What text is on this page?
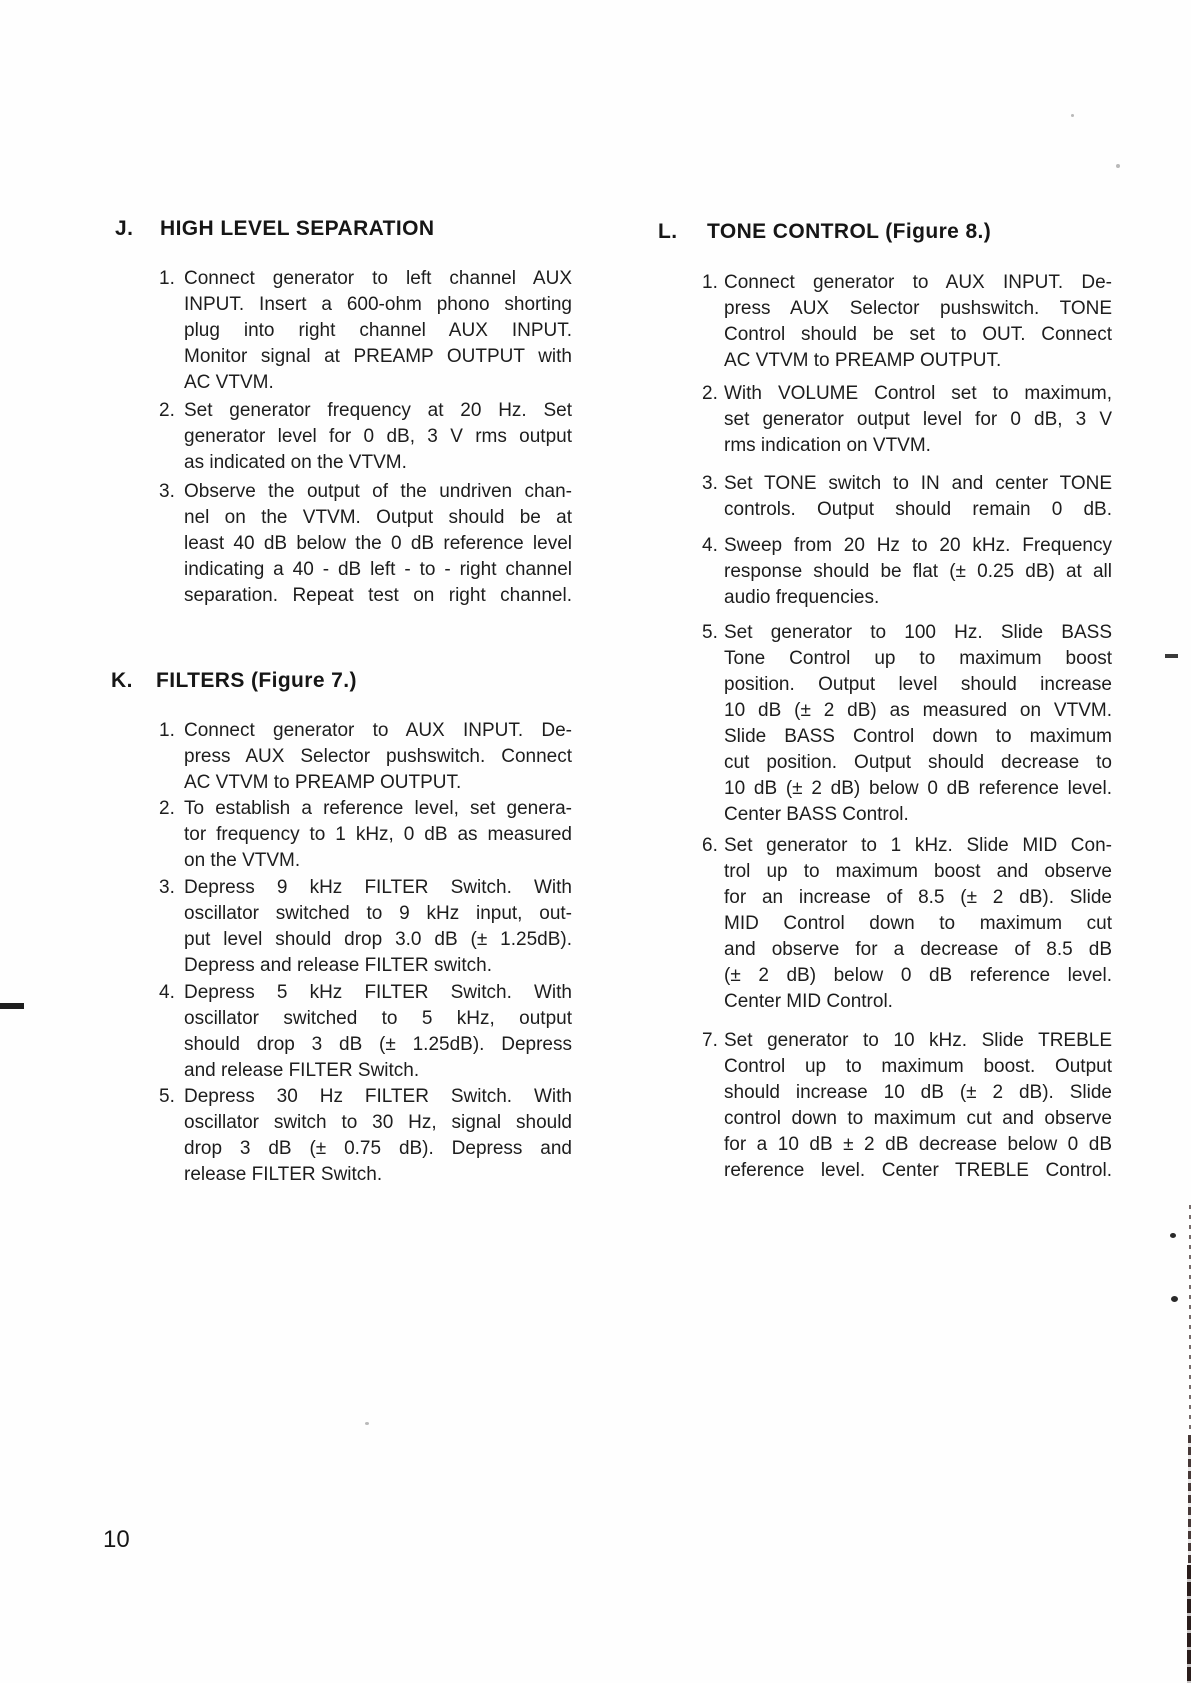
J. HIGH LEVEL SEPARATION
1. Connect generator to left channel AUX
INPUT. Insert a 600-ohm phono shorting
plug into right channel AUX INPUT.
Monitor signal at PREAMP OUTPUT with
AC VTVM.
2. Set generator frequency at 20 Hz. Set
generator level for 0 dB, 3 V rms output
as indicated on the VTVM.
3. Observe the output of the undriven chan-
nel on the VTVM. Output should be at
least 40 dB below the 0 dB reference level
indicating a 40 - dB left - to - right channel
separation. Repeat test on right channel.
K. FILTERS (Figure 7.)
1. Connect generator to AUX INPUT. De-
press AUX Selector pushswitch. Connect
AC VTVM to PREAMP OUTPUT.
2. To establish a reference level, set genera-
tor frequency to 1 kHz, 0 dB as measured
on the VTVM.
3. Depress 9 kHz FILTER Switch. With
oscillator switched to 9 kHz input, out-
put level should drop 3.0 dB (± 1.25dB).
Depress and release FILTER switch.
4. Depress 5 kHz FILTER Switch. With
oscillator switched to 5 kHz, output
should drop 3 dB (± 1.25dB). Depress
and release FILTER Switch.
5. Depress 30 Hz FILTER Switch. With
oscillator switch to 30 Hz, signal should
drop 3 dB (± 0.75 dB). Depress and
release FILTER Switch.
L. TONE CONTROL (Figure 8.)
1. Connect generator to AUX INPUT. De-
press AUX Selector pushswitch. TONE
Control should be set to OUT. Connect
AC VTVM to PREAMP OUTPUT.
2. With VOLUME Control set to maximum,
set generator output level for 0 dB, 3 V
rms indication on VTVM.
3. Set TONE switch to IN and center TONE
controls. Output should remain 0 dB.
4. Sweep from 20 Hz to 20 kHz. Frequency
response should be flat (± 0.25 dB) at all
audio frequencies.
5. Set generator to 100 Hz. Slide BASS
Tone Control up to maximum boost
position. Output level should increase
10 dB (± 2 dB) as measured on VTVM.
Slide BASS Control down to maximum
cut position. Output should decrease to
10 dB (± 2 dB) below 0 dB reference level.
Center BASS Control.
6. Set generator to 1 kHz. Slide MID Con-
trol up to maximum boost and observe
for an increase of 8.5 (± 2 dB). Slide
MID Control down to maximum cut
and observe for a decrease of 8.5 dB
(± 2 dB) below 0 dB reference level.
Center MID Control.
7. Set generator to 10 kHz. Slide TREBLE
Control up to maximum boost. Output
should increase 10 dB (± 2 dB). Slide
control down to maximum cut and observe
for a 10 dB ± 2 dB decrease below 0 dB
reference level. Center TREBLE Control.
10
